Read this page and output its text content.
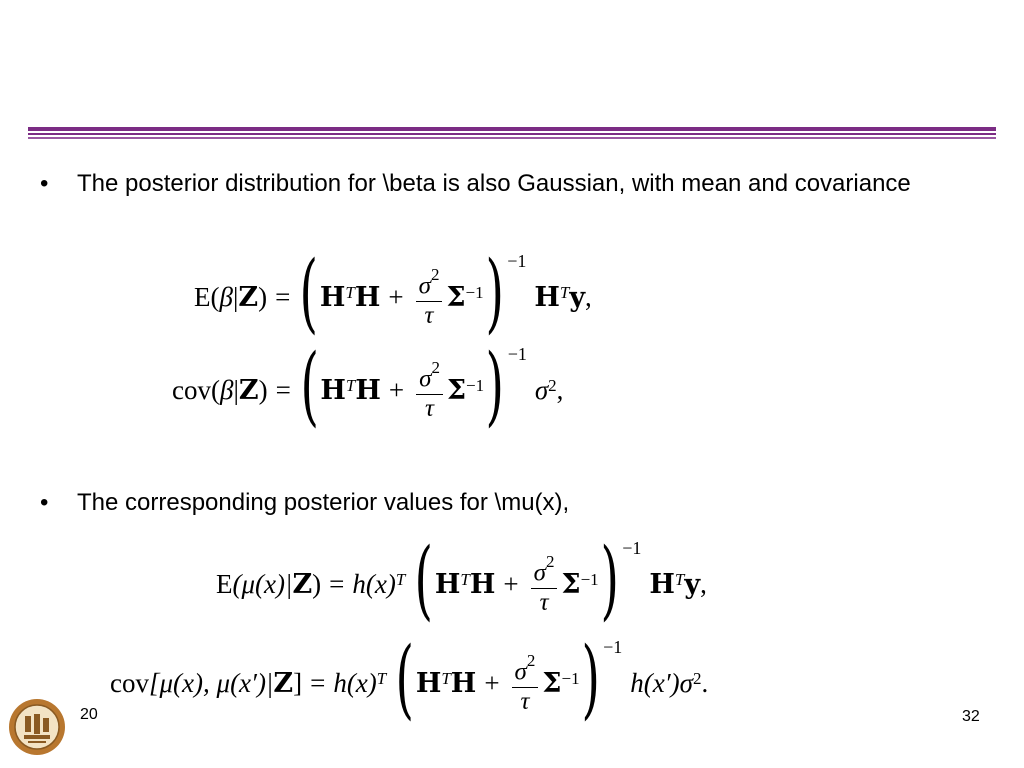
• The posterior distribution for \beta is also Gaussian, with mean and covariance
E ( β | Z ) = ( $H^T$ $H + \frac{\sigma^2}{\tau} \Sigma^{-1}$ ) −1
$H^T$ y ,
cov ( β | Z ) = ( $H^T$ $H + \frac{\sigma^2}{\tau} \Sigma^{-1}$ ) −1
$\sigma^2$ ,
• The corresponding posterior values for \mu(x),
E (μ(x)| Z ) = $h(x)^T$ ( $H^T$ $H + \frac{\sigma^2}{\tau} \Sigma^{-1}$ ) −1
$H^T$ y ,
cov [μ(x), μ(x′)| Z ] = $h(x)^T$ ( $H^T$ $H + \frac{\sigma^2}{\tau} \Sigma^{-1}$ ) −1
$h(x')\sigma^2$ .
20	32
